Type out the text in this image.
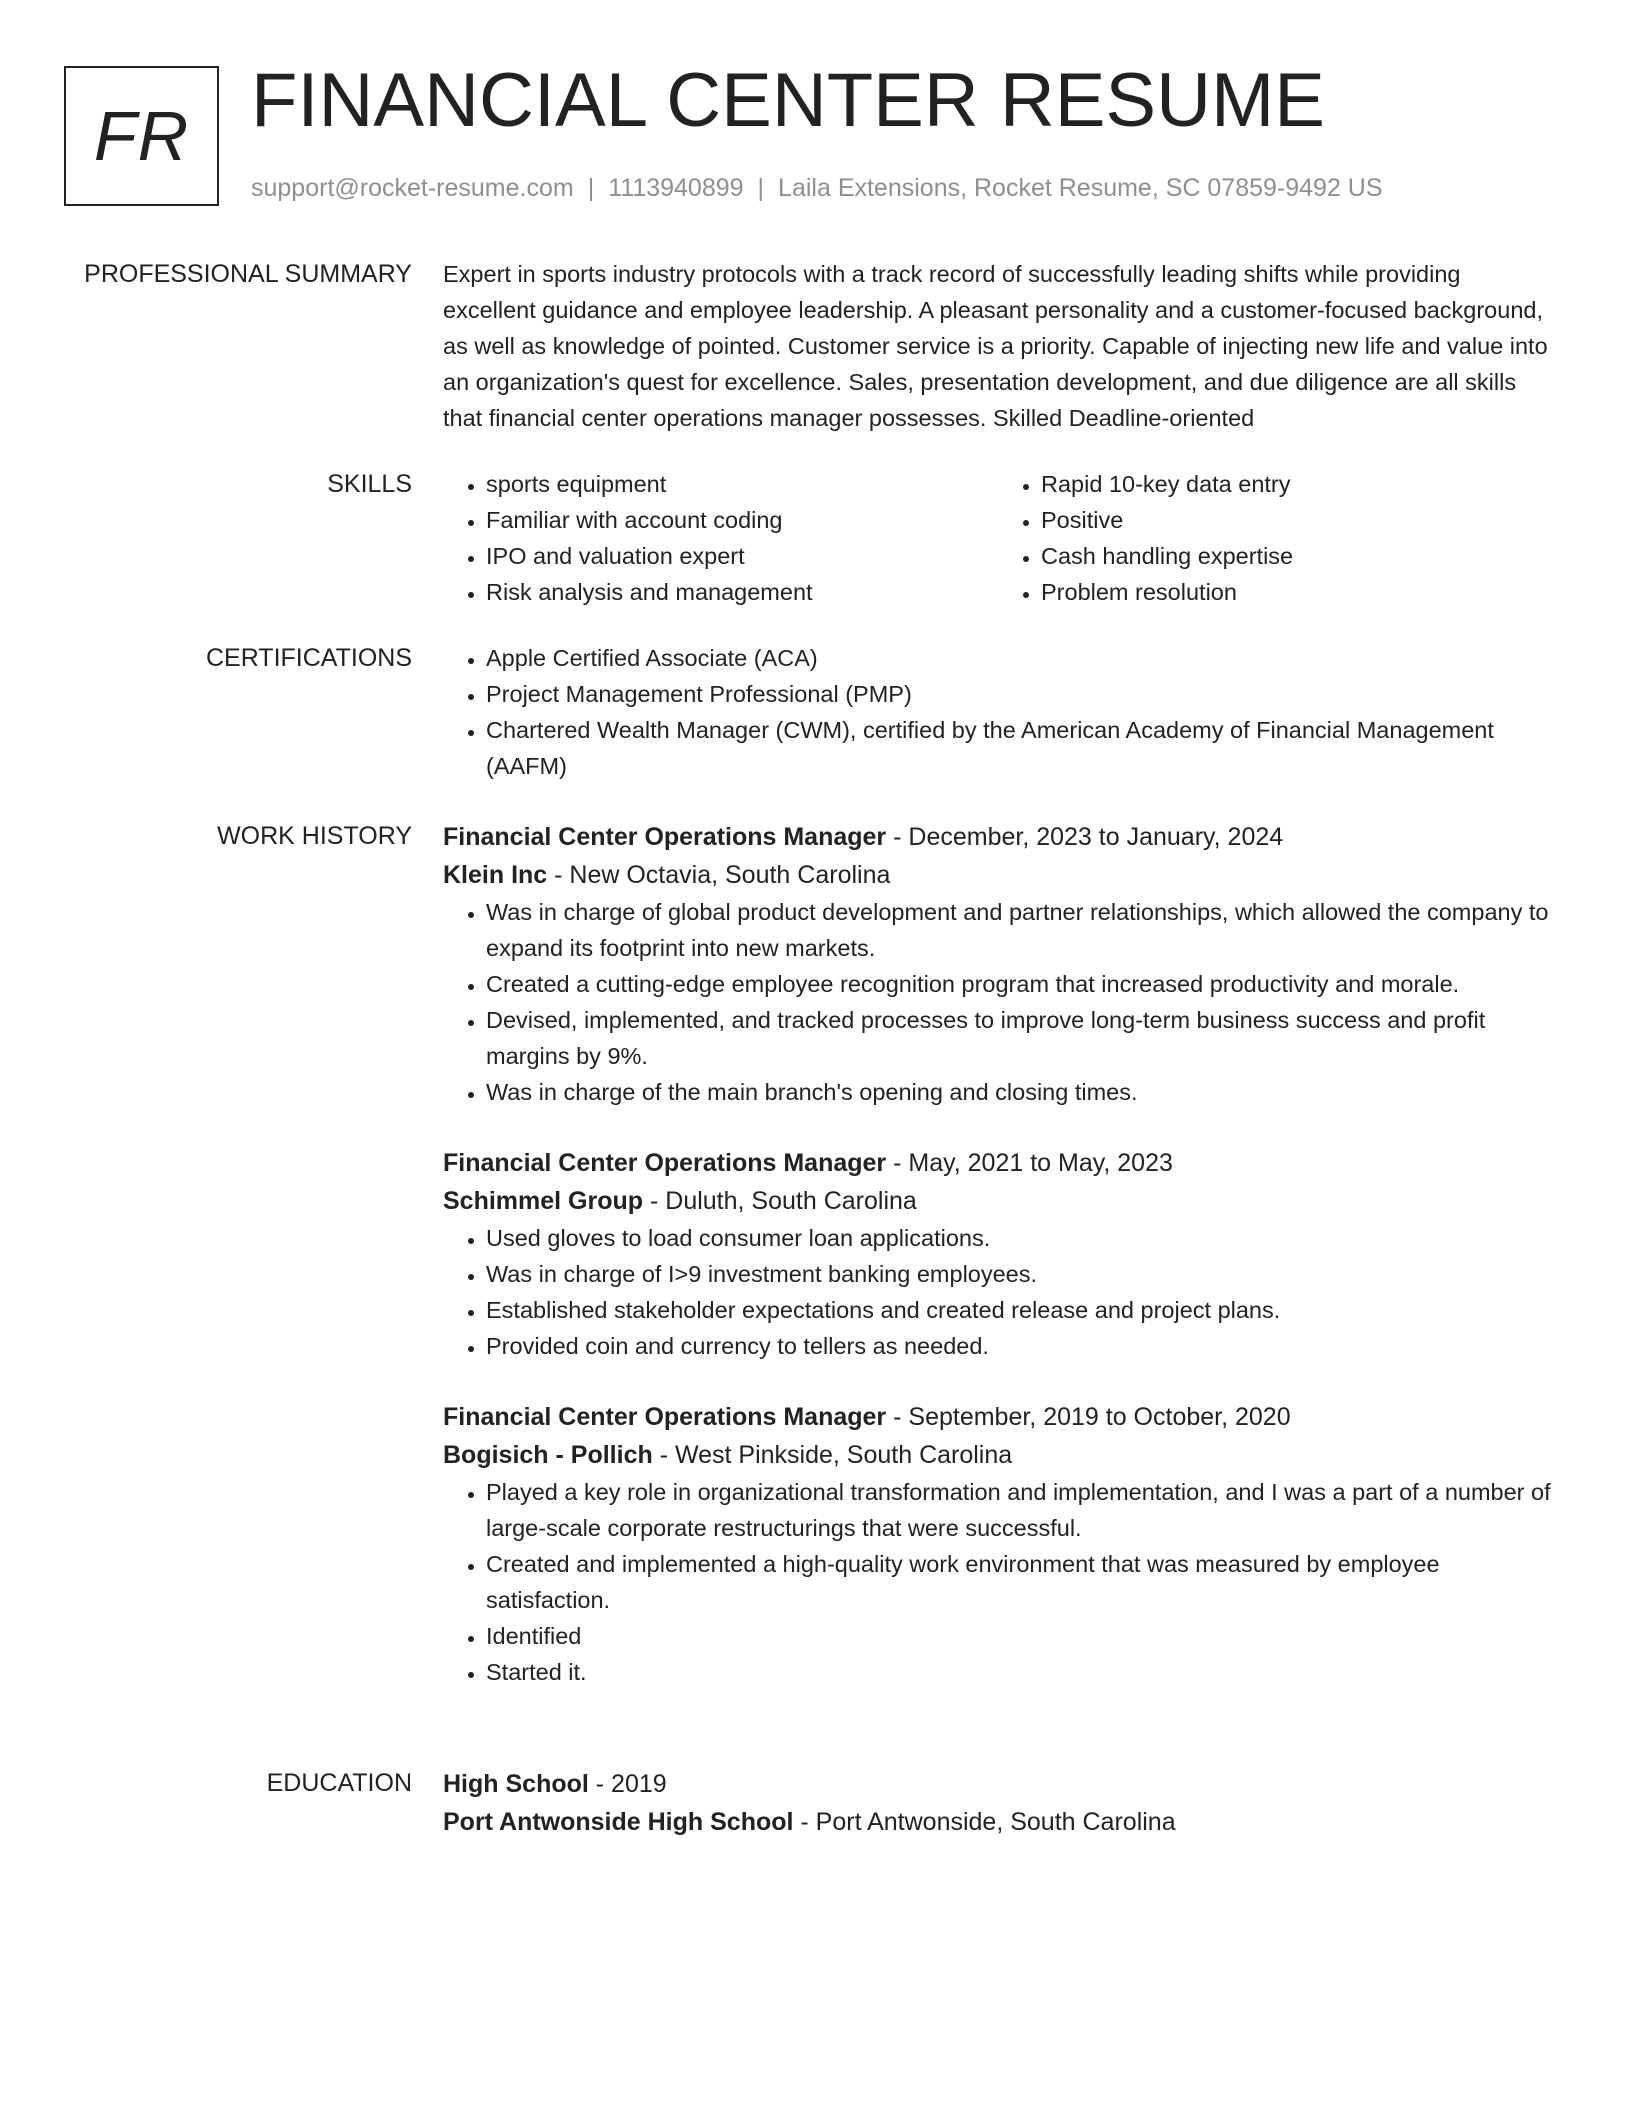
FR FINANCIAL CENTER RESUME
support@rocket-resume.com | 1113940899 | Laila Extensions, Rocket Resume, SC 07859-9492 US
PROFESSIONAL SUMMARY Expert in sports industry protocols with a track record of successfully leading shifts while providing excellent guidance and employee leadership. A pleasant personality and a customer-focused background, as well as knowledge of pointed. Customer service is a priority. Capable of injecting new life and value into an organization's quest for excellence. Sales, presentation development, and due diligence are all skills that financial center operations manager possesses. Skilled Deadline-oriented

SKILLS	• sports equipment
• Familiar with account coding
• IPO and valuation expert
• Risk analysis and management
• Rapid 10-key data entry
• Positive
• Cash handling expertise
• Problem resolution
CERTIFICATIONS	• Apple Certified Associate (ACA)
• Project Management Professional (PMP)
• Chartered Wealth Manager (CWM), certified by the American Academy of Financial Management (AAFM)
WORK HISTORY Financial Center Operations Manager - December, 2023 to January, 2024
Klein Inc - New Octavia, South Carolina
• Was in charge of global product development and partner relationships, which allowed the company to expand its footprint into new markets.
• Created a cutting-edge employee recognition program that increased productivity and morale.
• Devised, implemented, and tracked processes to improve long-term business success and profit margins by 9%.
• Was in charge of the main branch's opening and closing times.
Financial Center Operations Manager - May, 2021 to May, 2023
Schimmel Group - Duluth, South Carolina
• Used gloves to load consumer loan applications.
• Was in charge of I>9 investment banking employees.
• Established stakeholder expectations and created release and project plans.
• Provided coin and currency to tellers as needed.
Financial Center Operations Manager - September, 2019 to October, 2020
Bogisich - Pollich - West Pinkside, South Carolina
• Played a key role in organizational transformation and implementation, and I was a part of a number of large-scale corporate restructurings that were successful.
• Created and implemented a high-quality work environment that was measured by employee satisfaction.
• Identified
• Started it.
EDUCATION High School - 2019
Port Antwonside High School - Port Antwonside, South Carolina
